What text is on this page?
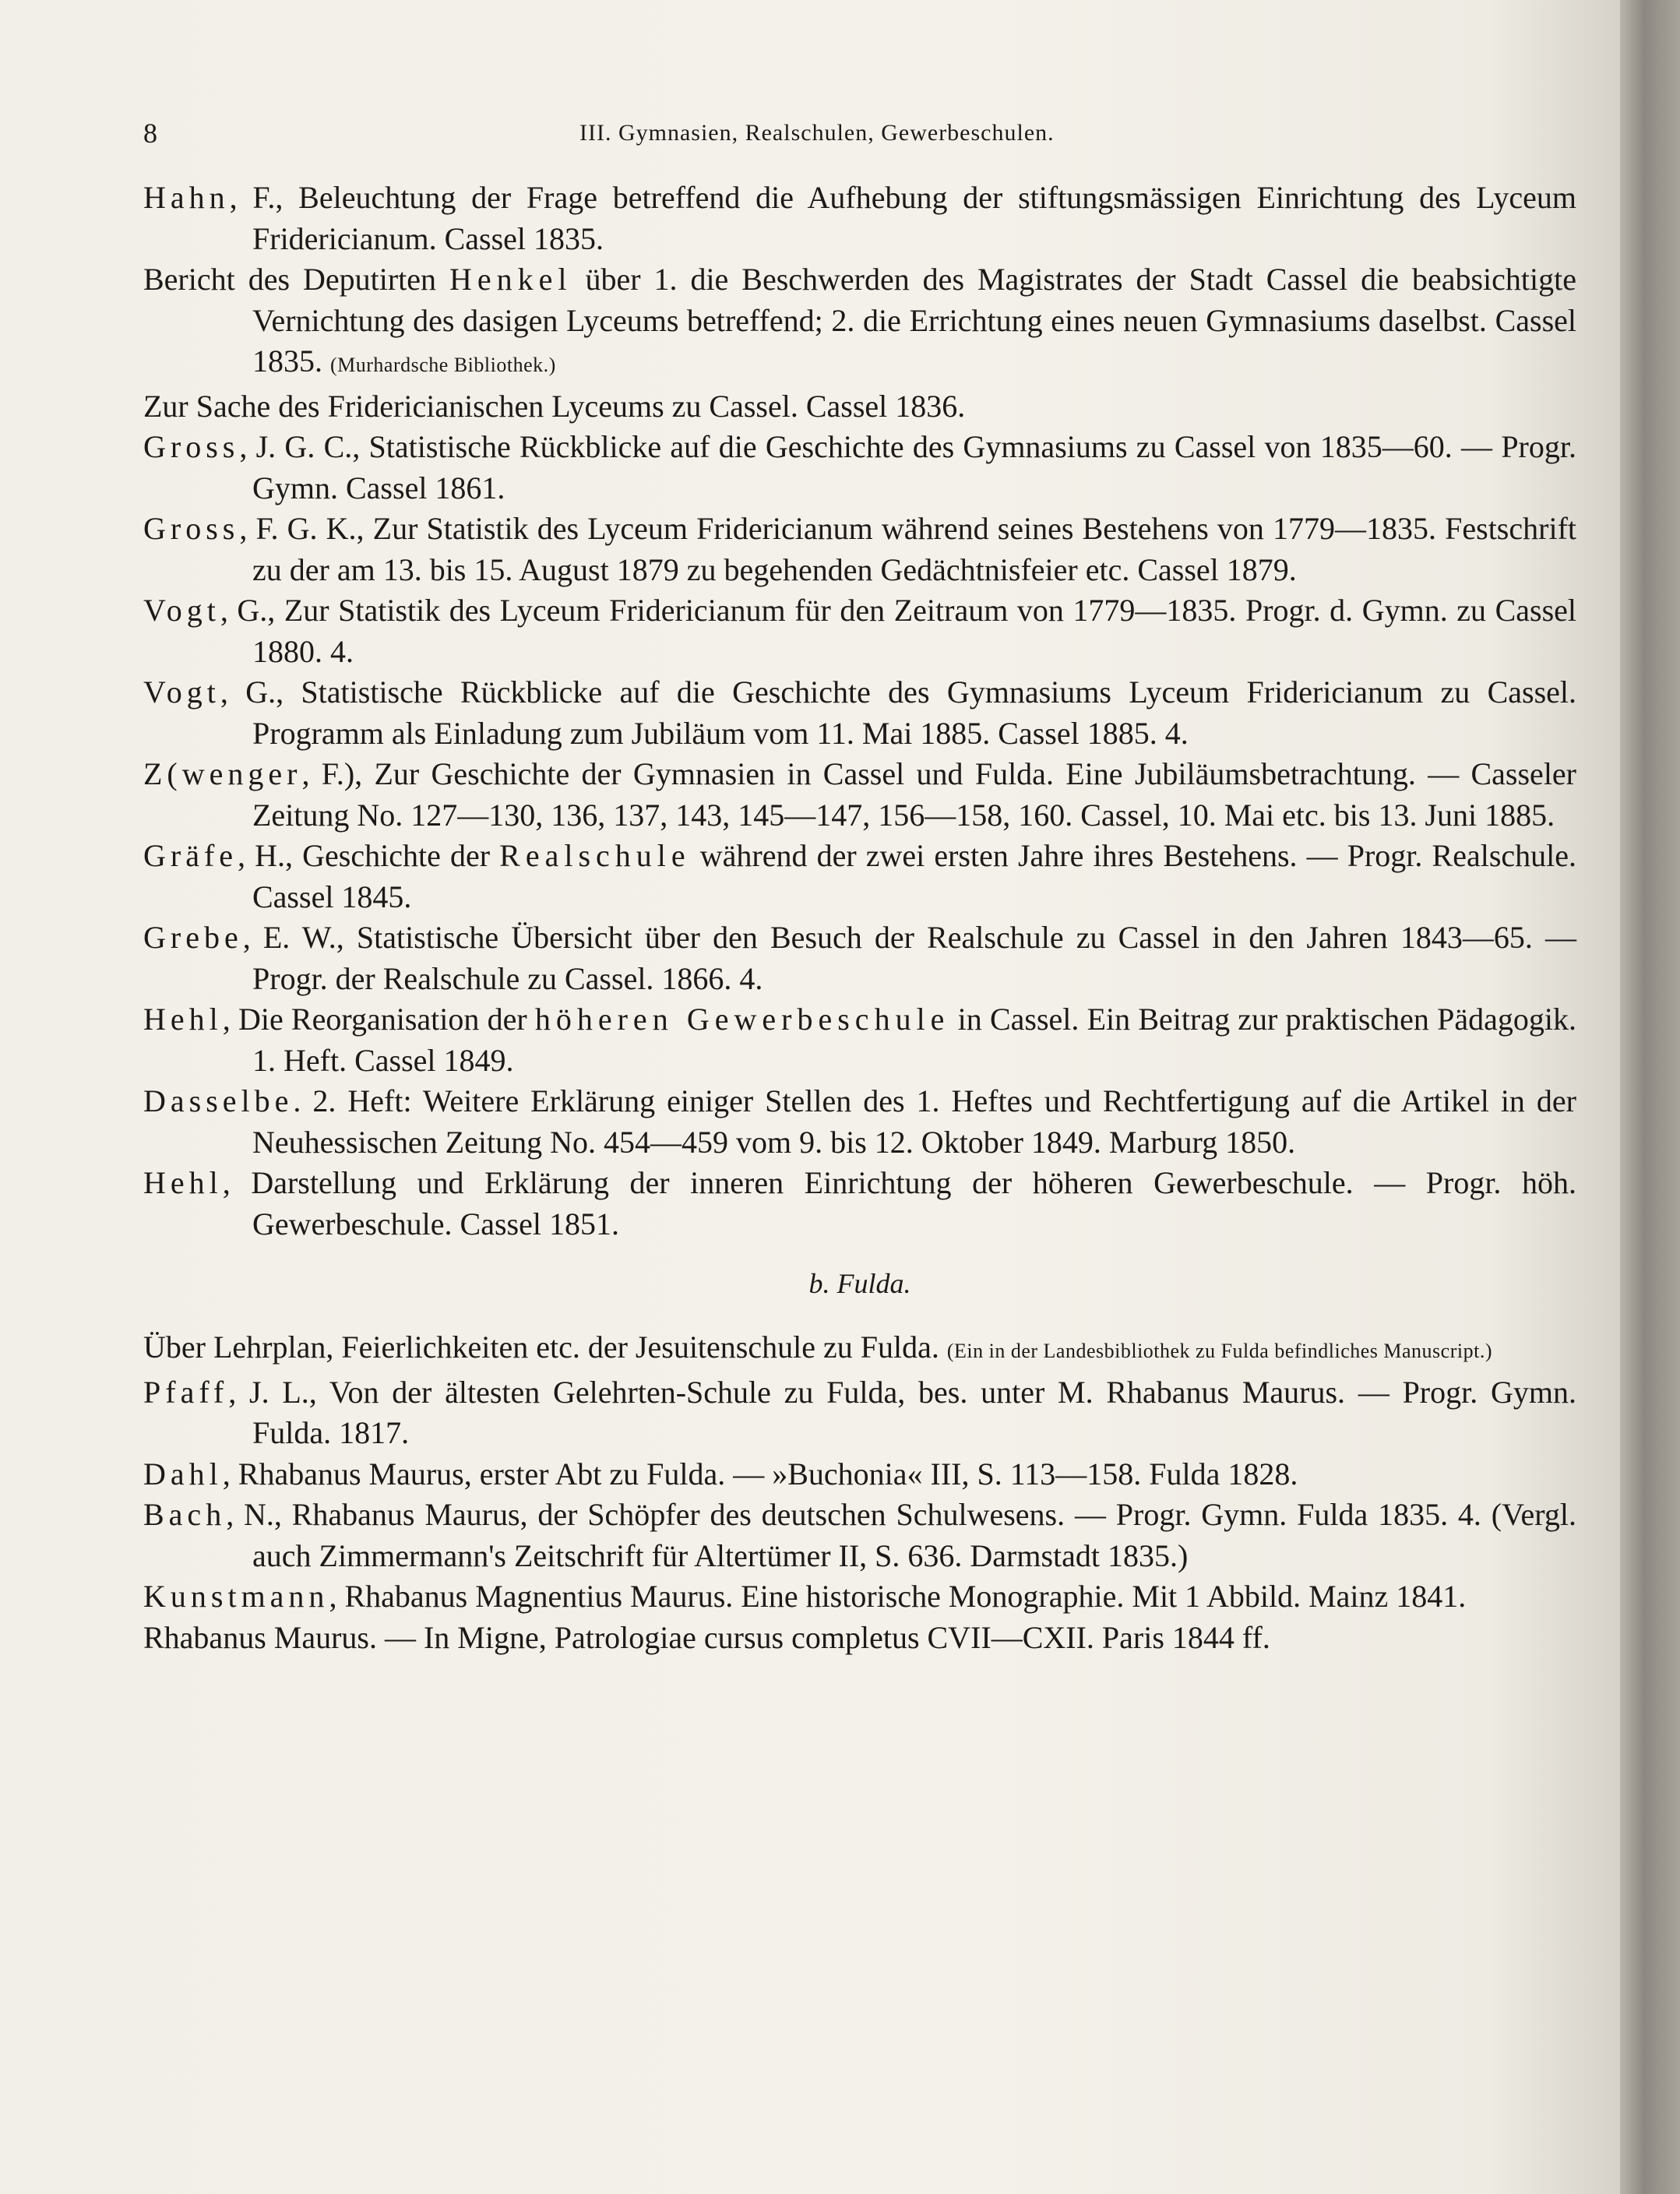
8	III. Gymnasien, Realschulen, Gewerbeschulen.
Hahn, F., Beleuchtung der Frage betreffend die Aufhebung der stiftungsmässigen Einrichtung des Lyceum Fridericianum. Cassel 1835.
Bericht des Deputirten Henkel über 1. die Beschwerden des Magistrates der Stadt Cassel die beabsichtigte Vernichtung des dasigen Lyceums betreffend; 2. die Errichtung eines neuen Gymnasiums daselbst. Cassel 1835. (Murhardsche Bibliothek.)
Zur Sache des Fridericianischen Lyceums zu Cassel. Cassel 1836.
Gross, J. G. C., Statistische Rückblicke auf die Geschichte des Gymnasiums zu Cassel von 1835—60. — Progr. Gymn. Cassel 1861.
Gross, F. G. K., Zur Statistik des Lyceum Fridericianum während seines Bestehens von 1779—1835. Festschrift zu der am 13. bis 15. August 1879 zu begehenden Gedächtnisfeier etc. Cassel 1879.
Vogt, G., Zur Statistik des Lyceum Fridericianum für den Zeitraum von 1779—1835. Progr. d. Gymn. zu Cassel 1880. 4.
Vogt, G., Statistische Rückblicke auf die Geschichte des Gymnasiums Lyceum Fridericianum zu Cassel. Programm als Einladung zum Jubiläum vom 11. Mai 1885. Cassel 1885. 4.
Z(wenger, F.), Zur Geschichte der Gymnasien in Cassel und Fulda. Eine Jubiläumsbetrachtung. — Casseler Zeitung No. 127—130, 136, 137, 143, 145—147, 156—158, 160. Cassel, 10. Mai etc. bis 13. Juni 1885.
Gräfe, H., Geschichte der Realschule während der zwei ersten Jahre ihres Bestehens. — Progr. Realschule. Cassel 1845.
Grebe, E. W., Statistische Übersicht über den Besuch der Realschule zu Cassel in den Jahren 1843—65. — Progr. der Realschule zu Cassel. 1866. 4.
Hehl, Die Reorganisation der höheren Gewerbeschule in Cassel. Ein Beitrag zur praktischen Pädagogik. 1. Heft. Cassel 1849.
Dasselbe. 2. Heft: Weitere Erklärung einiger Stellen des 1. Heftes und Rechtfertigung auf die Artikel in der Neuhessischen Zeitung No. 454—459 vom 9. bis 12. Oktober 1849. Marburg 1850.
Hehl, Darstellung und Erklärung der inneren Einrichtung der höheren Gewerbeschule. — Progr. höh. Gewerbeschule. Cassel 1851.
b. Fulda.
Über Lehrplan, Feierlichkeiten etc. der Jesuitenschule zu Fulda. (Ein in der Landesbibliothek zu Fulda befindliches Manuscript.)
Pfaff, J. L., Von der ältesten Gelehrten-Schule zu Fulda, bes. unter M. Rhabanus Maurus. — Progr. Gymn. Fulda. 1817.
Dahl, Rhabanus Maurus, erster Abt zu Fulda. — »Buchonia« III, S. 113—158. Fulda 1828.
Bach, N., Rhabanus Maurus, der Schöpfer des deutschen Schulwesens. — Progr. Gymn. Fulda 1835. 4. (Vergl. auch Zimmermann's Zeitschrift für Altertümer II, S. 636. Darmstadt 1835.)
Kunstmann, Rhabanus Magnentius Maurus. Eine historische Monographie. Mit 1 Abbild. Mainz 1841.
Rhabanus Maurus. — In Migne, Patrologiae cursus completus CVII—CXII. Paris 1844 ff.
